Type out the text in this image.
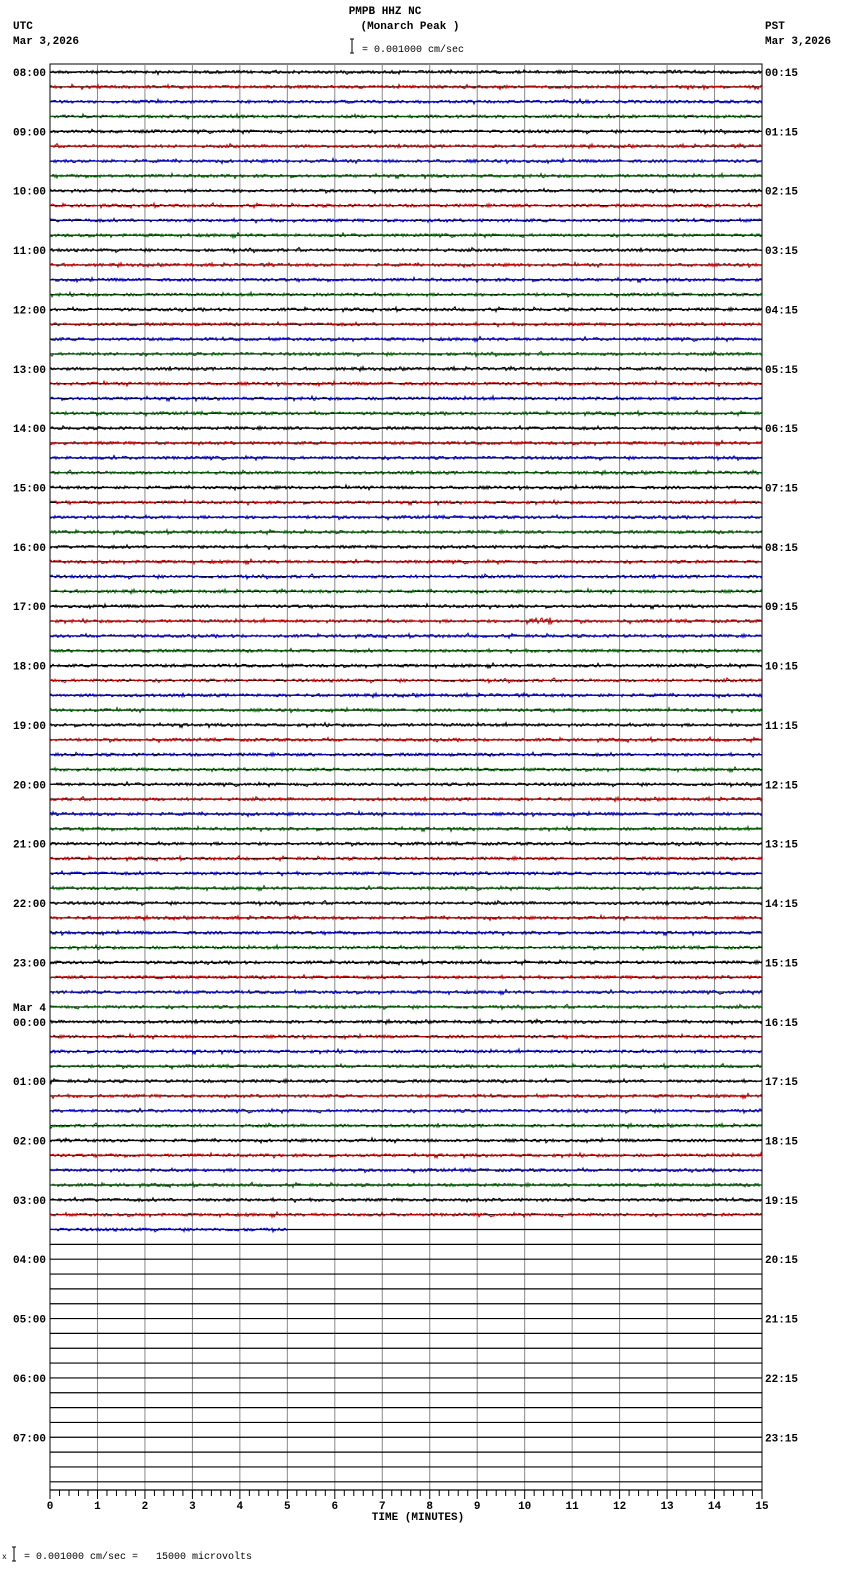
PMPB HHZ NC
(Monarch Peak )
UTC
Mar 3,2026
PST
Mar 3,2026
= 0.001000 cm/sec
08:00
09:00
10:00
11:00
12:00
13:00
14:00
15:00
16:00
17:00
18:00
19:00
20:00
21:00
22:00
23:00
00:00
01:00
02:00
03:00
04:00
05:00
06:00
07:00
Mar 4
00:15
01:15
02:15
03:15
04:15
05:15
06:15
07:15
08:15
09:15
10:15
11:15
12:15
13:15
14:15
15:15
16:15
17:15
18:15
19:15
20:15
21:15
22:15
23:15
0	1	2	3	4	5	6	7	8	9	10	11	12	13	14	15
TIME (MINUTES)
x = 0.001000 cm/sec =   15000 microvolts
